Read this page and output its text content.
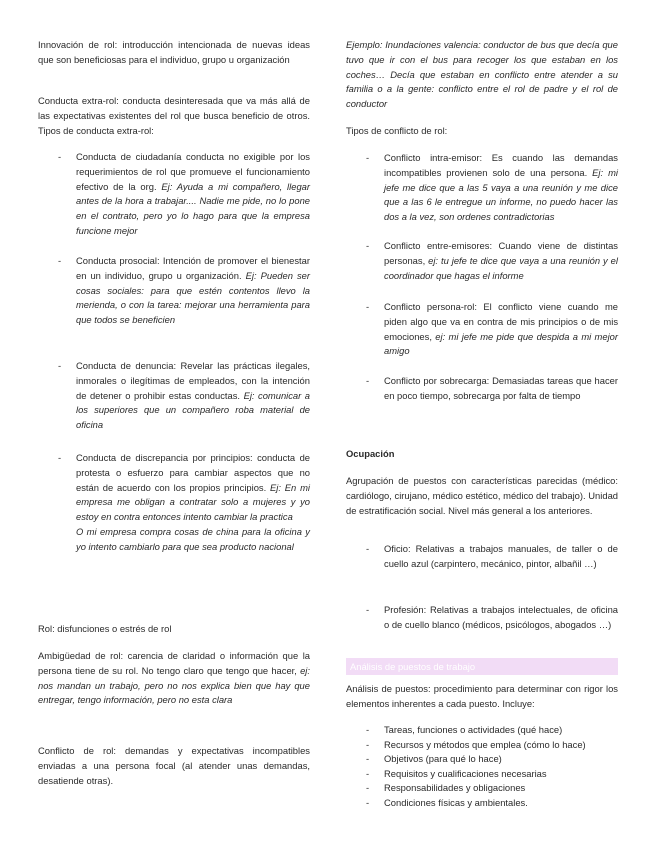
Innovación de rol: introducción intencionada de nuevas ideas que son beneficiosas para el individuo, grupo u organización

Conducta extra-rol: conducta desinteresada que va más allá de las expectativas existentes del rol que busca beneficio de otros. Tipos de conducta extra-rol:

- Conducta de ciudadanía conducta no exigible por los requerimientos de rol que promueve el funcionamiento efectivo de la org. Ej: Ayuda a mi compañero, llegar antes de la hora a trabajar.... Nadie me pide, no lo pone en el contrato, pero yo lo hago para que la empresa funcione mejor
- Conducta prosocial: Intención de promover el bienestar en un individuo, grupo u organización. Ej: Pueden ser cosas sociales: para que estén contentos llevo la merienda, o con la tarea: mejorar una herramienta para que todos se beneficien
- Conducta de denuncia: Revelar las prácticas ilegales, inmorales o ilegítimas de empleados, con la intención de detener o prohibir estas conductas. Ej: comunicar a los superiores que un compañero roba material de oficina
- Conducta de discrepancia por principios: conducta de protesta o esfuerzo para cambiar aspectos que no están de acuerdo con los propios principios. Ej: En mi empresa me obligan a contratar solo a mujeres y yo estoy en contra entonces intento cambiar la practica
O mi empresa compra cosas de china para la oficina y yo intento cambiarlo para que sea producto nacional

Rol: disfunciones o estrés de rol

Ambigüedad de rol: carencia de claridad o información que la persona tiene de su rol. No tengo claro que tengo que hacer, ej: nos mandan un trabajo, pero no nos explica bien que hay que entregar, tengo información, pero no esta clara

Conflicto de rol: demandas y expectativas incompatibles enviadas a una persona focal (al atender unas demandas, desatiende otras).

Ejemplo: Inundaciones valencia: conductor de bus que decía que tuvo que ir con el bus para recoger los que estaban en los coches… Decía que estaban en conflicto entre atender a su familia o a la gente: conflicto entre el rol de padre y el rol de conductor

Tipos de conflicto de rol:

- Conflicto intra-emisor: Es cuando las demandas incompatibles provienen solo de una persona. Ej: mi jefe me dice que a las 5 vaya a una reunión y me dice que a las 6 le entregue un informe, no puedo hacer las dos a la vez, son ordenes contradictorias
- Conflicto entre-emisores: Cuando viene de distintas personas, ej: tu jefe te dice que vaya a una reunión y el coordinador que hagas el informe
- Conflicto persona-rol: El conflicto viene cuando me piden algo que va en contra de mis principios o de mis emociones, ej: mi jefe me pide que despida a mi mejor amigo
- Conflicto por sobrecarga: Demasiadas tareas que hacer en poco tiempo, sobrecarga por falta de tiempo

Ocupación

Agrupación de puestos con características parecidas (médico: cardiólogo, cirujano, médico estético, médico del trabajo). Unidad de estratificación social. Nivel más general a los anteriores.

- Oficio: Relativas a trabajos manuales, de taller o de cuello azul (carpintero, mecánico, pintor, albañil …)
- Profesión: Relativas a trabajos intelectuales, de oficina o de cuello blanco (médicos, psicólogos, abogados …)
Análisis de puestos de trabajo

Análisis de puestos: procedimiento para determinar con rigor los elementos inherentes a cada puesto. Incluye:

- Tareas, funciones o actividades (qué hace)
- Recursos y métodos que emplea (cómo lo hace)
- Objetivos (para qué lo hace)
- Requisitos y cualificaciones necesarias
- Responsabilidades y obligaciones
- Condiciones físicas y ambientales.
